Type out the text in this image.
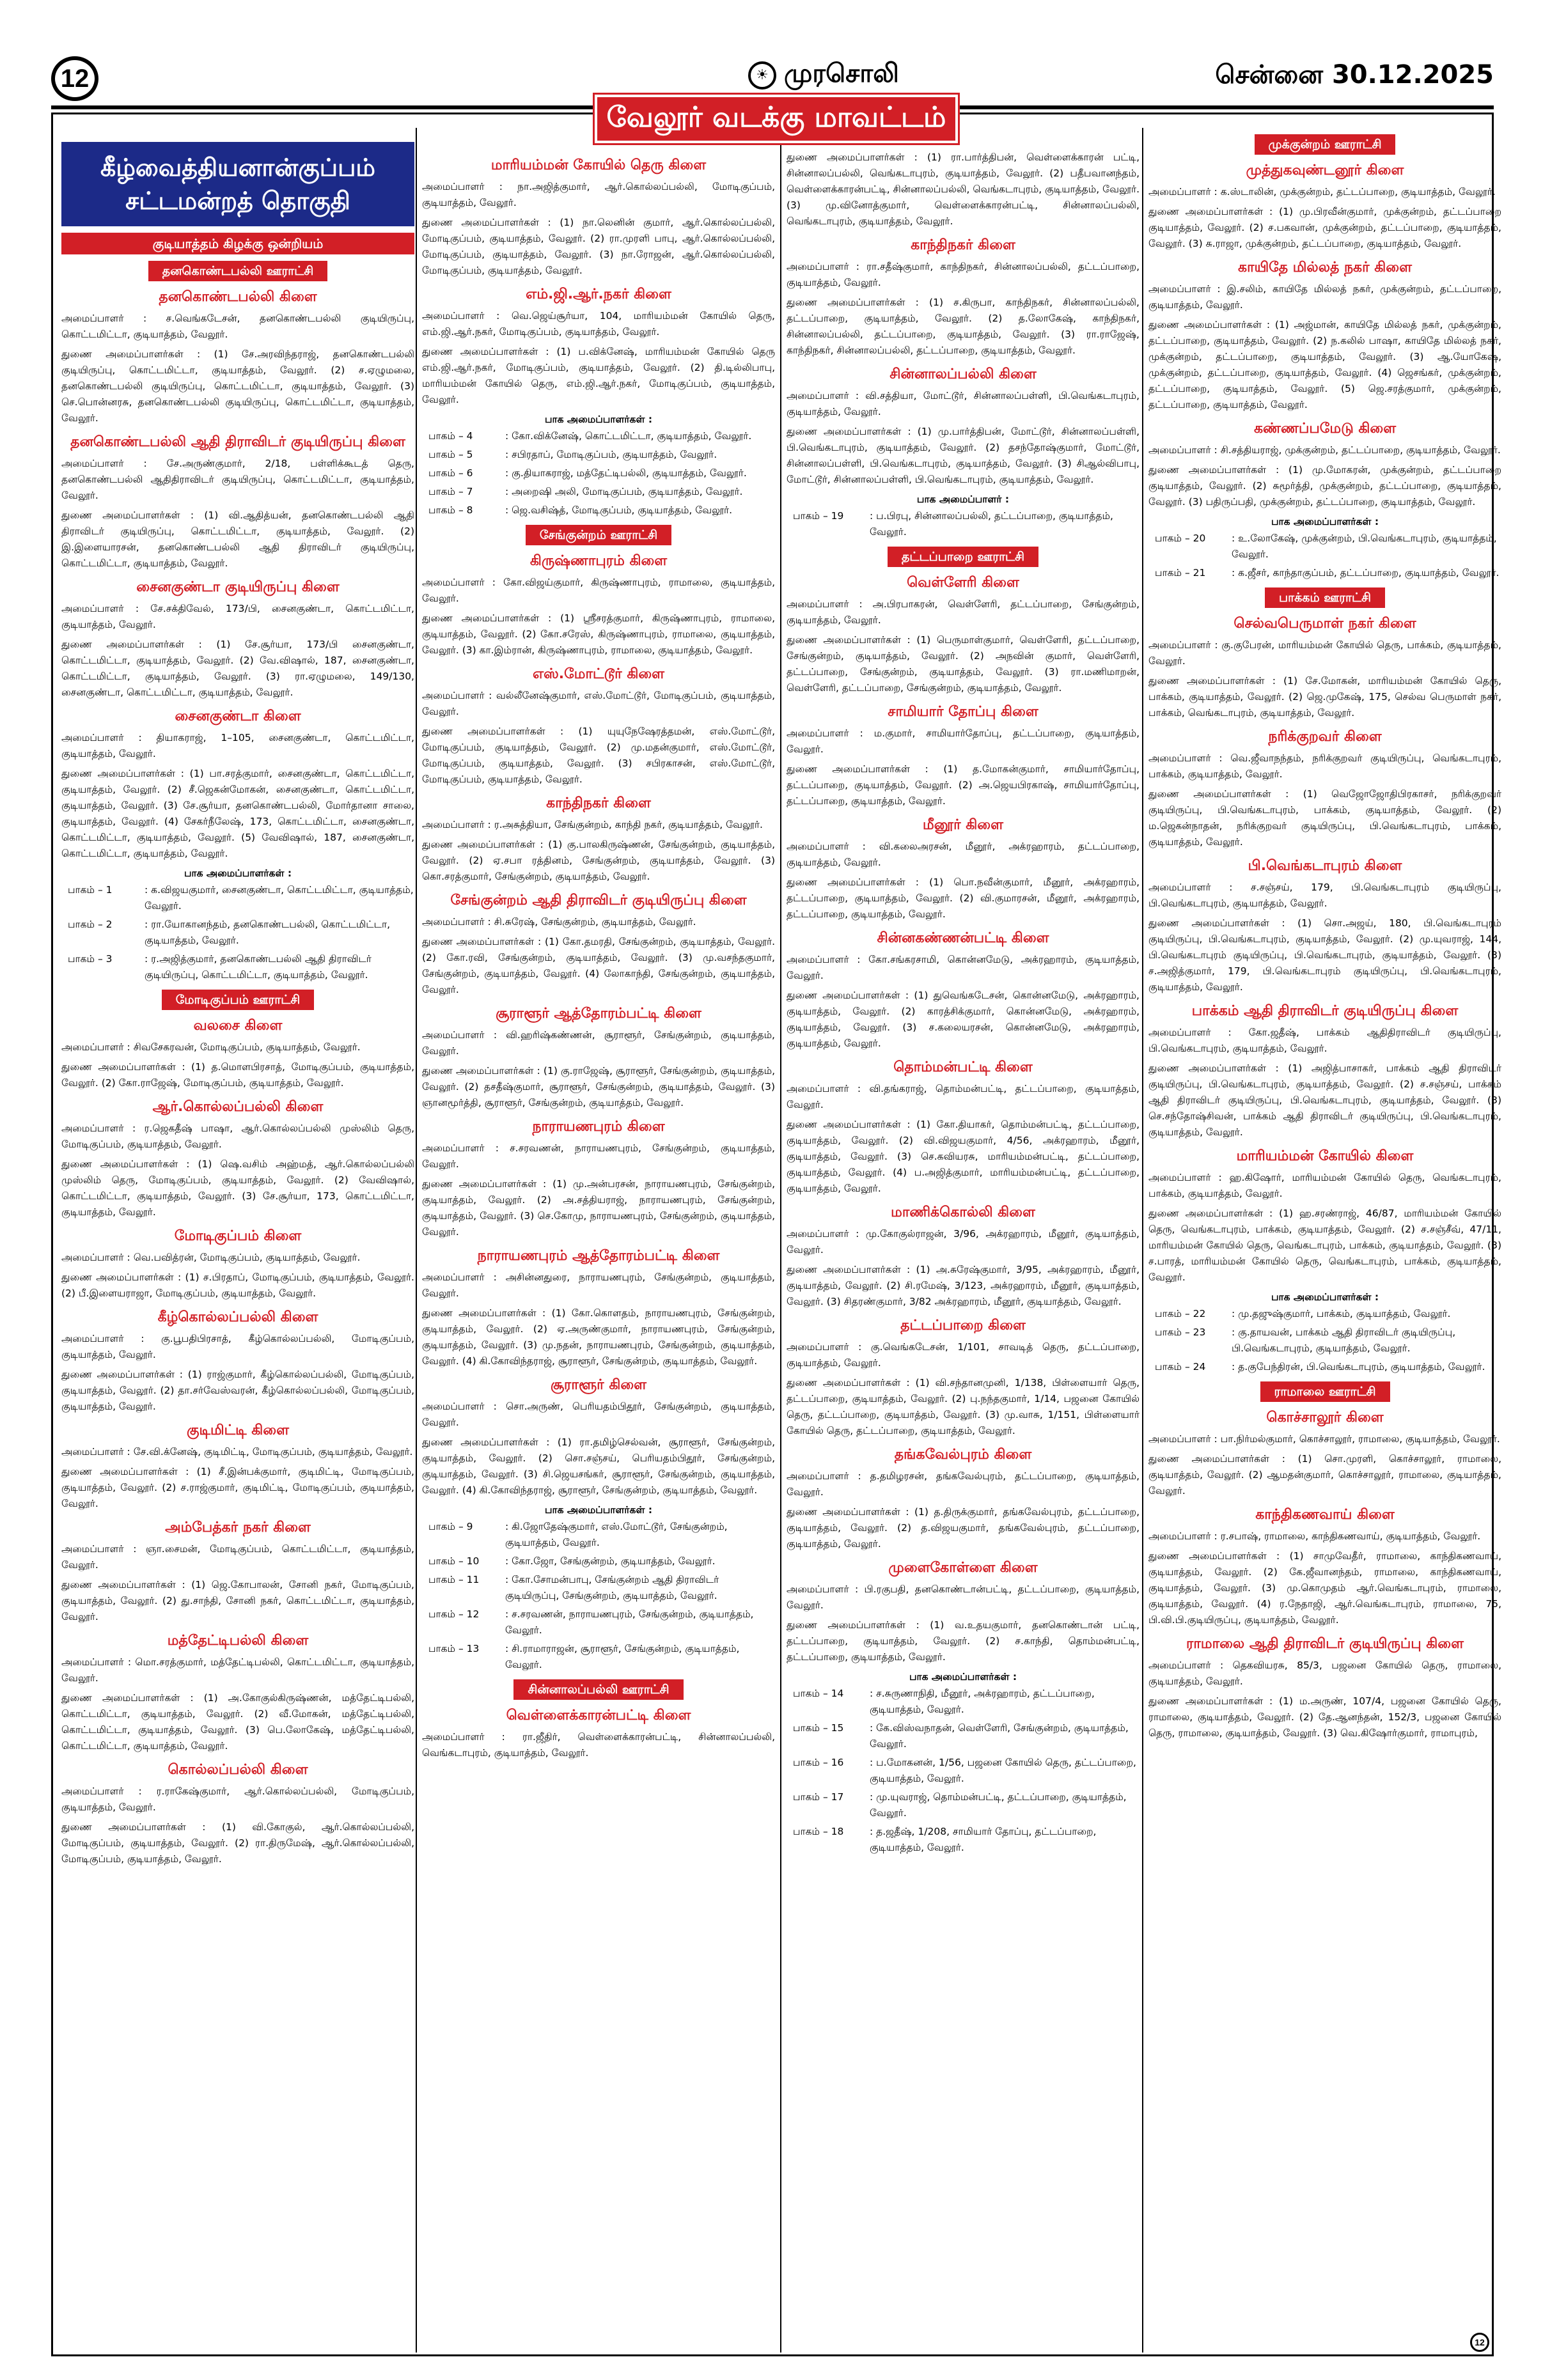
12	☀ முரசொலி	சென்னை 30.12.2025
வேலூர் வடக்கு மாவட்டம்
கீழ்வைத்தியனான்குப்பம் சட்டமன்றத் தொகுதி
குடியாத்தம் கிழக்கு ஒன்றியம்
தனகொண்டபல்லி ஊராட்சி
தனகொண்டபல்லி கிளை
அமைப்பாளர் : ச.வெங்கடேசன், தனகொண்டபல்லி குடியிருப்பு, கொட்டமிட்டா, குடியாத்தம், வேலூர்.
துணை அமைப்பாளர்கள் : (1) சே.அரவிந்தராஜ், தனகொண்டபல்லி குடியிருப்பு, கொட்டமிட்டா, குடியாத்தம், வேலூர். (2) ச.ஏழுமலை, தனகொண்டபல்லி குடியிருப்பு, கொட்டமிட்டா, குடியாத்தம், வேலூர். (3) செ.பொன்னரசு, தனகொண்டபல்லி குடியிருப்பு, கொட்டமிட்டா, குடியாத்தம், வேலூர்.
தனகொண்டபல்லி ஆதி திராவிடர் குடியிருப்பு கிளை
அமைப்பாளர் : சே.அருண்குமார், 2/18, பள்ளிக்கூடத் தெரு, தனகொண்டபல்லி ஆதிதிராவிடர் குடியிருப்பு, கொட்டமிட்டா, குடியாத்தம், வேலூர்.
துணை அமைப்பாளர்கள் : (1) வி.ஆதித்யன், தனகொண்டபல்லி ஆதி திராவிடர் குடியிருப்பு, கொட்டமிட்டா, குடியாத்தம், வேலூர். (2) இ.இளையாரசன், தனகொண்டபல்லி ஆதி திராவிடர் குடியிருப்பு, கொட்டமிட்டா, குடியாத்தம், வேலூர்.
சைனகுண்டா குடியிருப்பு கிளை
அமைப்பாளர் : சே.சக்திவேல், 173/பி, சைனகுண்டா, கொட்டமிட்டா, குடியாத்தம், வேலூர்.
துணை அமைப்பாளர்கள் : (1) சே.சூர்யா, 173/பி சைனகுண்டா, கொட்டமிட்டா, குடியாத்தம், வேலூர். (2) வே.விஷால், 187, சைனகுண்டா, கொட்டமிட்டா, குடியாத்தம், வேலூர். (3) ரா.ஏழுமலை, 149/130, சைனகுண்டா, கொட்டமிட்டா, குடியாத்தம், வேலூர்.
சைனகுண்டா கிளை
அமைப்பாளர் : தியாகராஜ், 1–105, சைனகுண்டா, கொட்டமிட்டா, குடியாத்தம், வேலூர்.
துணை அமைப்பாளர்கள் : (1) பா.சரத்குமார், சைனகுண்டா, கொட்டமிட்டா, குடியாத்தம், வேலூர். (2) சீ.ஜெகன்மோகன், சைனகுண்டா, கொட்டமிட்டா, குடியாத்தம், வேலூர். (3) சே.சூர்யா, தனகொண்டபல்லி, மோர்தானா சாலை, குடியாத்தம், வேலூர். (4) சேகர்நீலேஷ், 173, கொட்டமிட்டா, சைனகுண்டா, கொட்டமிட்டா, குடியாத்தம், வேலூர். (5) வேவிஷால், 187, சைனகுண்டா, கொட்டமிட்டா, குடியாத்தம், வேலூர்.
பாக அமைப்பாளர்கள் :
பாகம் – 1	: க.விஜயகுமார், சைனகுண்டா, கொட்டமிட்டா, குடியாத்தம், வேலூர்.
பாகம் – 2	: ரா.யோகானந்தம், தனகொண்டபல்லி, கொட்டமிட்டா, குடியாத்தம், வேலூர்.
பாகம் – 3	: ர.அஜித்குமார், தனகொண்டபல்லி ஆதி திராவிடர் குடியிருப்பு, கொட்டமிட்டா, குடியாத்தம், வேலூர்.
மோடிகுப்பம் ஊராட்சி
வலசை கிளை
அமைப்பாளர் : சிவசேகரவன், மோடிகுப்பம், குடியாத்தம், வேலூர்.
துணை அமைப்பாளர்கள் : (1) த.மொளபிரசாத், மோடிகுப்பம், குடியாத்தம், வேலூர். (2) கோ.ராஜேஷ், மோடிகுப்பம், குடியாத்தம், வேலூர்.
ஆர்.கொல்லப்பல்லி கிளை
அமைப்பாளர் : ர.ஜெகதீஷ் பாஷா, ஆர்.கொல்லப்பல்லி முஸ்லிம் தெரு, மோடிகுப்பம், குடியாத்தம், வேலூர்.
துணை அமைப்பாளர்கள் : (1) ஷெ.வசிம் அஹ்மத், ஆர்.கொல்லப்பல்லி முஸ்லிம் தெரு, மோடிகுப்பம், குடியாத்தம், வேலூர். (2) வேவிஷால், கொட்டமிட்டா, குடியாத்தம், வேலூர். (3) சே.சூர்யா, 173, கொட்டமிட்டா, குடியாத்தம், வேலூர்.
மோடிகுப்பம் கிளை
அமைப்பாளர் : வெ.பவித்ரன், மோடிகுப்பம், குடியாத்தம், வேலூர்.
துணை அமைப்பாளர்கள் : (1) ச.பிரதாப், மோடிகுப்பம், குடியாத்தம், வேலூர். (2) பீ.இளையராஜா, மோடிகுப்பம், குடியாத்தம், வேலூர்.
கீழ்கொல்லப்பல்லி கிளை
அமைப்பாளர் : கு.பூபதிபிரசாத், கீழ்கொல்லப்பல்லி, மோடிகுப்பம், குடியாத்தம், வேலூர்.
துணை அமைப்பாளர்கள் : (1) ராஜ்குமார், கீழ்கொல்லப்பல்லி, மோடிகுப்பம், குடியாத்தம், வேலூர். (2) தா.சர்வேஸ்வரன், கீழ்கொல்லப்பல்லி, மோடிகுப்பம், குடியாத்தம், வேலூர்.
குடிமிட்டி கிளை
அமைப்பாளர் : சே.வி.க்னேஷ், குடிமிட்டி, மோடிகுப்பம், குடியாத்தம், வேலூர்.
துணை அமைப்பாளர்கள் : (1) சீ.இன்பக்குமார், குடிமிட்டி, மோடிகுப்பம், குடியாத்தம், வேலூர். (2) ச.ராஜ்குமார், குடிமிட்டி, மோடிகுப்பம், குடியாத்தம், வேலூர்.
அம்பேத்கர் நகர் கிளை
அமைப்பாளர் : ஞா.சைமன், மோடிகுப்பம், கொட்டமிட்டா, குடியாத்தம், வேலூர்.
துணை அமைப்பாளர்கள் : (1) ஜெ.கோபாலன், சோனி நகர், மோடிகுப்பம், குடியாத்தம், வேலூர். (2) து.சாந்தி, சோனி நகர், கொட்டமிட்டா, குடியாத்தம், வேலூர்.
மத்தேட்டிபல்லி கிளை
அமைப்பாளர் : மொ.சரத்குமார், மத்தேட்டிபல்லி, கொட்டமிட்டா, குடியாத்தம், வேலூர்.
துணை அமைப்பாளர்கள் : (1) அ.கோகுல்கிருஷ்ணன், மத்தேட்டிபல்லி, கொட்டமிட்டா, குடியாத்தம், வேலூர். (2) வீ.மோகன், மத்தேட்டிபல்லி, கொட்டமிட்டா, குடியாத்தம், வேலூர். (3) பெ.லோகேஷ், மத்தேட்டிபல்லி, கொட்டமிட்டா, குடியாத்தம், வேலூர்.
கொல்லப்பல்லி கிளை
அமைப்பாளர் : ர.ராகேஷ்குமார், ஆர்.கொல்லப்பல்லி, மோடிகுப்பம், குடியாத்தம், வேலூர்.
துணை அமைப்பாளர்கள் : (1) வி.கோகுல், ஆர்.கொல்லப்பல்லி, மோடிகுப்பம், குடியாத்தம், வேலூர். (2) ரா.திருமேஷ், ஆர்.கொல்லப்பல்லி, மோடிகுப்பம், குடியாத்தம், வேலூர்.
மாரியம்மன் கோயில் தெரு கிளை
அமைப்பாளர் : நா.அஜித்குமார், ஆர்.கொல்லப்பல்லி, மோடிகுப்பம், குடியாத்தம், வேலூர்.
துணை அமைப்பாளர்கள் : (1) நா.லெனின் குமார், ஆர்.கொல்லப்பல்லி, மோடிகுப்பம், குடியாத்தம், வேலூர். (2) ரா.முரளி பாபு, ஆர்.கொல்லப்பல்லி, மோடிகுப்பம், குடியாத்தம், வேலூர். (3) நா.ரோஜன், ஆர்.கொல்லப்பல்லி, மோடிகுப்பம், குடியாத்தம், வேலூர்.
எம்.ஜி.ஆர்.நகர் கிளை
அமைப்பாளர் : வெ.ஜெய்சூர்யா, 104, மாரியம்மன் கோயில் தெரு, எம்.ஜி.ஆர்.நகர், மோடிகுப்பம், குடியாத்தம், வேலூர்.
துணை அமைப்பாளர்கள் : (1) ப.விக்னேஷ், மாரியம்மன் கோயில் தெரு எம்.ஜி.ஆர்.நகர், மோடிகுப்பம், குடியாத்தம், வேலூர். (2) தி.டில்லிபாபு, மாரியம்மன் கோயில் தெரு, எம்.ஜி.ஆர்.நகர், மோடிகுப்பம், குடியாத்தம், வேலூர்.
பாக அமைப்பாளர்கள் :
பாகம் – 4	: கோ.விக்னேஷ், கொட்டமிட்டா, குடியாத்தம், வேலூர்.
பாகம் – 5	: சபிரதாப், மோடிகுப்பம், குடியாத்தம், வேலூர்.
பாகம் – 6	: கு.தியாகராஜ், மத்தேட்டிபல்லி, குடியாத்தம், வேலூர்.
பாகம் – 7	: அறைஷி அலி, மோடிகுப்பம், குடியாத்தம், வேலூர்.
பாகம் – 8	: ஜெ.வசிஷ்த், மோடிகுப்பம், குடியாத்தம், வேலூர்.
சேங்குன்றம் ஊராட்சி
கிருஷ்ணாபுரம் கிளை
அமைப்பாளர் : கோ.விஜய்குமார், கிருஷ்ணாபுரம், ராமாலை, குடியாத்தம், வேலூர்.
துணை அமைப்பாளர்கள் : (1) ஸ்ரீசரத்குமார், கிருஷ்ணாபுரம், ராமாலை, குடியாத்தம், வேலூர். (2) கோ.சரேஸ், கிருஷ்ணாபுரம், ராமாலை, குடியாத்தம், வேலூர். (3) கா.இம்ரான், கிருஷ்ணாபுரம், ராமாலை, குடியாத்தம், வேலூர்.
எஸ்.மோட்டூர் கிளை
அமைப்பாளர் : வல்லீனேஷ்குமார், எஸ்.மோட்டூர், மோடிகுப்பம், குடியாத்தம், வேலூர்.
துணை அமைப்பாளர்கள் : (1) யுயுநேஷேரத்தமன், எஸ்.மோட்டூர், மோடிகுப்பம், குடியாத்தம், வேலூர். (2) மு.மதன்குமார், எஸ்.மோட்டூர், மோடிகுப்பம், குடியாத்தம், வேலூர். (3) சபிரகாசன், எஸ்.மோட்டூர், மோடிகுப்பம், குடியாத்தம், வேலூர்.
காந்திநகர் கிளை
அமைப்பாளர் : ர.அசுத்தியா, சேங்குன்றம், காந்தி நகர், குடியாத்தம், வேலூர்.
துணை அமைப்பாளர்கள் : (1) கு.பாலகிருஷ்ணன், சேங்குன்றம், குடியாத்தம், வேலூர். (2) ஏ.சபா ரத்தினம், சேங்குன்றம், குடியாத்தம், வேலூர். (3) கொ.சரத்குமார், சேங்குன்றம், குடியாத்தம், வேலூர்.
சேங்குன்றம் ஆதி திராவிடர் குடியிருப்பு கிளை
அமைப்பாளர் : சி.சுரேஷ், சேங்குன்றம், குடியாத்தம், வேலூர்.
துணை அமைப்பாளர்கள் : (1) கோ.தமரதி, சேங்குன்றம், குடியாத்தம், வேலூர். (2) கோ.ரவி, சேங்குன்றம், குடியாத்தம், வேலூர். (3) மு.வசந்தகுமார், சேங்குன்றம், குடியாத்தம், வேலூர். (4) லோகாந்தி, சேங்குன்றம், குடியாத்தம், வேலூர்.
சூராளூர் ஆத்தோரம்பட்டி கிளை
அமைப்பாளர் : வி.ஹரிஷ்கண்ணன், சூராளூர், சேங்குன்றம், குடியாத்தம், வேலூர்.
துணை அமைப்பாளர்கள் : (1) கு.ராஜேஷ், சூராளூர், சேங்குன்றம், குடியாத்தம், வேலூர். (2) தசதீஷ்குமார், சூராளூர், சேங்குன்றம், குடியாத்தம், வேலூர். (3) ஞானமூர்த்தி, சூராளூர், சேங்குன்றம், குடியாத்தம், வேலூர்.
நாராயணபுரம் கிளை
அமைப்பாளர் : ச.சரவணன், நாராயணபுரம், சேங்குன்றம், குடியாத்தம், வேலூர்.
துணை அமைப்பாளர்கள் : (1) மு.அன்பரசன், நாராயணபுரம், சேங்குன்றம், குடியாத்தம், வேலூர். (2) அ.சத்தியராஜ், நாராயணபுரம், சேங்குன்றம், குடியாத்தம், வேலூர். (3) செ.கோமு, நாராயணபுரம், சேங்குன்றம், குடியாத்தம், வேலூர்.
நாராயணபுரம் ஆத்தோரம்பட்டி கிளை
அமைப்பாளர் : அசின்னதுரை, நாராயணபுரம், சேங்குன்றம், குடியாத்தம், வேலூர்.
துணை அமைப்பாளர்கள் : (1) கோ.கொளதம், நாராயணபுரம், சேங்குன்றம், குடியாத்தம், வேலூர். (2) ஏ.அருண்குமார், நாராயணபுரம், சேங்குன்றம், குடியாத்தம், வேலூர். (3) மு.நதன், நாராயணபுரம், சேங்குன்றம், குடியாத்தம், வேலூர். (4) கி.கோவிந்தராஜ், சூராளூர், சேங்குன்றம், குடியாத்தம், வேலூர்.
சூராளூர் கிளை
அமைப்பாளர் : சொ.அருண், பெரியதம்பிதூர், சேங்குன்றம், குடியாத்தம், வேலூர்.
துணை அமைப்பாளர்கள் : (1) ரா.தமிழ்செல்வன், சூராளூர், சேங்குன்றம், குடியாத்தம், வேலூர். (2) சொ.சஞ்சய், பெரியதம்பிதூர், சேங்குன்றம், குடியாத்தம், வேலூர். (3) சி.ஜெயசங்கர், சூராளூர், சேங்குன்றம், குடியாத்தம், வேலூர். (4) கி.கோவிந்தராஜ், சூராளூர், சேங்குன்றம், குடியாத்தம், வேலூர்.
பாக அமைப்பாளர்கள் :
பாகம் – 9	: கி.ஜோதேஷ்குமார், எஸ்.மோட்டூர், சேங்குன்றம், குடியாத்தம், வேலூர்.
பாகம் – 10	: கோ.ஜோ, சேங்குன்றம், குடியாத்தம், வேலூர்.
பாகம் – 11	: கோ.சோமன்பாபு, சேங்குன்றம் ஆதி திராவிடர் குடியிருப்பு, சேங்குன்றம், குடியாத்தம், வேலூர்.
பாகம் – 12	: ச.சரவணன், நாராயணபுரம், சேங்குன்றம், குடியாத்தம், வேலூர்.
பாகம் – 13	: சி.ராமாராஜன், சூராளூர், சேங்குன்றம், குடியாத்தம், வேலூர்.
சின்னாலப்பல்லி ஊராட்சி
வெள்ளைக்காரன்பட்டி கிளை
அமைப்பாளர் : ரா.ஜீதிர், வெள்ளைக்காரன்பட்டி, சின்னாலப்பல்லி, வெங்கடாபுரம், குடியாத்தம், வேலூர்.
துணை அமைப்பாளர்கள் : (1) ரா.பார்த்திபன், வெள்ளைக்காரன் பட்டி, சின்னாலப்பல்லி, வெங்கடாபுரம், குடியாத்தம், வேலூர். (2) பதீபவானந்தம், வெள்ளைக்காரன்பட்டி, சின்னாலப்பல்லி, வெங்கடாபுரம், குடியாத்தம், வேலூர். (3) மு.வினோத்குமார், வெள்ளைக்காரன்பட்டி, சின்னாலப்பல்லி, வெங்கடாபுரம், குடியாத்தம், வேலூர்.
காந்திநகர் கிளை
அமைப்பாளர் : ரா.சதீஷ்குமார், காந்திநகர், சின்னாலப்பல்லி, தட்டப்பாறை, குடியாத்தம், வேலூர்.
துணை அமைப்பாளர்கள் : (1) ச.கிருபா, காந்திநகர், சின்னாலப்பல்லி, தட்டப்பாறை, குடியாத்தம், வேலூர். (2) த.லோகேஷ், காந்திநகர், சின்னாலப்பல்லி, தட்டப்பாறை, குடியாத்தம், வேலூர். (3) ரா.ராஜேஷ், காந்திநகர், சின்னாலப்பல்லி, தட்டப்பாறை, குடியாத்தம், வேலூர்.
சின்னாலப்பல்லி கிளை
அமைப்பாளர் : வி.சத்தியா, மோட்டூர், சின்னாலப்பள்ளி, பி.வெங்கடாபுரம், குடியாத்தம், வேலூர்.
துணை அமைப்பாளர்கள் : (1) மு.பார்த்திபன், மோட்டூர், சின்னாலப்பள்ளி, பி.வெங்கடாபுரம், குடியாத்தம், வேலூர். (2) தசந்தோஷ்குமார், மோட்டூர், சின்னாலப்பள்ளி, பி.வெங்கடாபுரம், குடியாத்தம், வேலூர். (3) சிஆல்விபாபு, மோட்டூர், சின்னாலப்பள்ளி, பி.வெங்கடாபுரம், குடியாத்தம், வேலூர்.
பாக அமைப்பாளர் :
பாகம் – 19	: ப.பிரபு, சின்னாலப்பல்லி, தட்டப்பாறை, குடியாத்தம், வேலூர்.
தட்டப்பாறை ஊராட்சி
வெள்ளேரி கிளை
அமைப்பாளர் : அ.பிரபாகரன், வெள்ளேரி, தட்டப்பாறை, சேங்குன்றம், குடியாத்தம், வேலூர்.
துணை அமைப்பாளர்கள் : (1) பெருமாள்குமார், வெள்ளேரி, தட்டப்பாறை, சேங்குன்றம், குடியாத்தம், வேலூர். (2) அநவின் குமார், வெள்ளேரி, தட்டப்பாறை, சேங்குன்றம், குடியாத்தம், வேலூர். (3) ரா.மணிமாறன், வெள்ளேரி, தட்டப்பாறை, சேங்குன்றம், குடியாத்தம், வேலூர்.
சாமியார் தோப்பு கிளை
அமைப்பாளர் : ம.குமார், சாமியார்தோப்பு, தட்டப்பாறை, குடியாத்தம், வேலூர்.
துணை அமைப்பாளர்கள் : (1) த.மோகன்குமார், சாமியார்தோப்பு, தட்டப்பாறை, குடியாத்தம், வேலூர். (2) அ.ஜெயபிரகாஷ், சாமியார்தோப்பு, தட்டப்பாறை, குடியாத்தம், வேலூர்.
மீனூர் கிளை
அமைப்பாளர் : வி.கலைஅரசன், மீனூர், அக்ரஹாரம், தட்டப்பாறை, குடியாத்தம், வேலூர்.
துணை அமைப்பாளர்கள் : (1) பொ.நவீன்குமார், மீனூர், அக்ரஹாரம், தட்டப்பாறை, குடியாத்தம், வேலூர். (2) வி.குமாரசன், மீனூர், அக்ரஹாரம், தட்டப்பாறை, குடியாத்தம், வேலூர்.
சின்னகண்ணன்பட்டி கிளை
அமைப்பாளர் : கோ.சங்கரசாமி, கொன்னமேடு, அக்ரஹாரம், குடியாத்தம், வேலூர்.
துணை அமைப்பாளர்கள் : (1) துவெங்கடேசன், கொன்னமேடு, அக்ரஹாரம், குடியாத்தம், வேலூர். (2) காரத்சிக்குமார், கொன்னமேடு, அக்ரஹாரம், குடியாத்தம், வேலூர். (3) ச.கலையரசன், கொன்னமேடு, அக்ரஹாரம், குடியாத்தம், வேலூர்.
தொம்மன்பட்டி கிளை
அமைப்பாளர் : வி.தங்கராஜ், தொம்மன்பட்டி, தட்டப்பாறை, குடியாத்தம், வேலூர்.
துணை அமைப்பாளர்கள் : (1) கோ.தியாகர், தொம்மன்பட்டி, தட்டப்பாறை, குடியாத்தம், வேலூர். (2) வி.விஜயகுமார், 4/56, அக்ரஹாரம், மீனூர், குடியாத்தம், வேலூர். (3) செ.கவியரசு, மாரியம்மன்பட்டி, தட்டப்பாறை, குடியாத்தம், வேலூர். (4) ப.அஜித்குமார், மாரியம்மன்பட்டி, தட்டப்பாறை, குடியாத்தம், வேலூர்.
மாணிக்கொல்லி கிளை
அமைப்பாளர் : மு.கோகுல்ராஜன், 3/96, அக்ரஹாரம், மீனூர், குடியாத்தம், வேலூர்.
துணை அமைப்பாளர்கள் : (1) அ.சுரேஷ்குமார், 3/95, அக்ரஹாரம், மீனூர், குடியாத்தம், வேலூர். (2) சி.ரமேஷ், 3/123, அக்ரஹாரம், மீனூர், குடியாத்தம், வேலூர். (3) சிதரண்குமார், 3/82 அக்ரஹாரம், மீனூர், குடியாத்தம், வேலூர்.
தட்டப்பாறை கிளை
அமைப்பாளர் : கு.வெங்கடேசன், 1/101, சாவடித் தெரு, தட்டப்பாறை, குடியாத்தம், வேலூர்.
துணை அமைப்பாளர்கள் : (1) வி.சந்தானமுனி, 1/138, பிள்ளையார் தெரு, தட்டப்பாறை, குடியாத்தம், வேலூர். (2) பு.நந்தகுமார், 1/14, பஜனை கோயில் தெரு, தட்டப்பாறை, குடியாத்தம், வேலூர். (3) மு.வாசு, 1/151, பிள்ளையார் கோயில் தெரு, தட்டப்பாறை, குடியாத்தம், வேலூர்.
தங்கவேல்புரம் கிளை
அமைப்பாளர் : த.தமிழரசன், தங்கவேல்புரம், தட்டப்பாறை, குடியாத்தம், வேலூர்.
துணை அமைப்பாளர்கள் : (1) த.திருக்குமார், தங்கவேல்புரம், தட்டப்பாறை, குடியாத்தம், வேலூர். (2) த.விஜயகுமார், தங்கவேல்புரம், தட்டப்பாறை, குடியாத்தம், வேலூர்.
முளைகோள்ளை கிளை
அமைப்பாளர் : பி.ரகுபதி, தனகொண்டான்பட்டி, தட்டப்பாறை, குடியாத்தம், வேலூர்.
துணை அமைப்பாளர்கள் : (1) வ.உதயகுமார், தனகொண்டான் பட்டி, தட்டப்பாறை, குடியாத்தம், வேலூர். (2) ச.காந்தி, தொம்மன்பட்டி, தட்டப்பாறை, குடியாத்தம், வேலூர்.
பாக அமைப்பாளர்கள் :
பாகம் – 14	: ச.சுருணாநிதி, மீனூர், அக்ரஹாரம், தட்டப்பாறை, குடியாத்தம், வேலூர்.
பாகம் – 15	: கே.விஸ்வநாதன், வெள்ளேரி, சேங்குன்றம், குடியாத்தம், வேலூர்.
பாகம் – 16	: ப.மோகனன், 1/56, பஜனை கோயில் தெரு, தட்டப்பாறை, குடியாத்தம், வேலூர்.
பாகம் – 17	: மு.யுவராஜ், தொம்மன்பட்டி, தட்டப்பாறை, குடியாத்தம், வேலூர்.
பாகம் – 18	: த.ஜதீஷ், 1/208, சாமியார் தோப்பு, தட்டப்பாறை, குடியாத்தம், வேலூர்.
முக்குன்றம் ஊராட்சி
முத்துகவுண்டனூர் கிளை
அமைப்பாளர் : க.ஸ்டாலின், முக்குன்றம், தட்டப்பாறை, குடியாத்தம், வேலூர்.
துணை அமைப்பாளர்கள் : (1) மு.பிரவீன்குமார், முக்குன்றம், தட்டப்பாறை குடியாத்தம், வேலூர். (2) ச.பகவான், முக்குன்றம், தட்டப்பாறை, குடியாத்தம், வேலூர். (3) சு.ராஜா, முக்குன்றம், தட்டப்பாறை, குடியாத்தம், வேலூர்.
காயிதே மில்லத் நகர் கிளை
அமைப்பாளர் : இ.சலிம், காயிதே மில்லத் நகர், முக்குன்றம், தட்டப்பாறை, குடியாத்தம், வேலூர்.
துணை அமைப்பாளர்கள் : (1) அஜ்மான், காயிதே மில்லத் நகர், முக்குன்றம், தட்டப்பாறை, குடியாத்தம், வேலூர். (2) ந.கலில் பாஷா, காயிதே மில்லத் நகர், முக்குன்றம், தட்டப்பாறை, குடியாத்தம், வேலூர். (3) ஆ.யோகேஷ், முக்குன்றம், தட்டப்பாறை, குடியாத்தம், வேலூர். (4) ஜெசங்கர், முக்குன்றம், தட்டப்பாறை, குடியாத்தம், வேலூர். (5) ஜெ.சரத்குமார், முக்குன்றம், தட்டப்பாறை, குடியாத்தம், வேலூர்.
கண்ணப்பமேடு கிளை
அமைப்பாளர் : சி.சத்தியராஜ், முக்குன்றம், தட்டப்பாறை, குடியாத்தம், வேலூர்.
துணை அமைப்பாளர்கள் : (1) மு.மோகரன், முக்குன்றம், தட்டப்பாறை குடியாத்தம், வேலூர். (2) சுமூர்த்தி, முக்குன்றம், தட்டப்பாறை, குடியாத்தம், வேலூர். (3) பதிருப்பதி, முக்குன்றம், தட்டப்பாறை, குடியாத்தம், வேலூர்.
பாக அமைப்பாளர்கள் :
பாகம் – 20	: உ.லோகேஷ், முக்குன்றம், பி.வெங்கடாபுரம், குடியாத்தம், வேலூர்.
பாகம் – 21	: க.ஜீசர், காந்தாகுப்பம், தட்டப்பாறை, குடியாத்தம், வேலூர்.
பாக்கம் ஊராட்சி
செல்வபெருமாள் நகர் கிளை
அமைப்பாளர் : கு.குபேரன், மாரியம்மன் கோயில் தெரு, பாக்கம், குடியாத்தம், வேலூர்.
துணை அமைப்பாளர்கள் : (1) சே.மோகன், மாரியம்மன் கோயில் தெரு, பாக்கம், குடியாத்தம், வேலூர். (2) ஜெ.முகேஷ், 175, செல்வ பெருமாள் நகர், பாக்கம், வெங்கடாபுரம், குடியாத்தம், வேலூர்.
நரிக்குறவர் கிளை
அமைப்பாளர் : வெ.ஜீவாநந்தம், நரிக்குறவர் குடியிருப்பு, வெங்கடாபுரம், பாக்கம், குடியாத்தம், வேலூர்.
துணை அமைப்பாளர்கள் : (1) வெஜோஜோதிபிரகாசர், நரிக்குறவர் குடியிருப்பு, பி.வெங்கடாபுரம், பாக்கம், குடியாத்தம், வேலூர். (2) ம.ஜெகன்நாதன், நரிக்குறவர் குடியிருப்பு, பி.வெங்கடாபுரம், பாக்கம், குடியாத்தம், வேலூர்.
பி.வெங்கடாபுரம் கிளை
அமைப்பாளர் : ச.சஞ்சய், 179, பி.வெங்கடாபுரம் குடியிருப்பு, பி.வெங்கடாபுரம், குடியாத்தம், வேலூர்.
துணை அமைப்பாளர்கள் : (1) சொ.அஜய், 180, பி.வெங்கடாபுரம் குடியிருப்பு, பி.வெங்கடாபுரம், குடியாத்தம், வேலூர். (2) மு.யுவராஜ், 144, பி.வெங்கடாபுரம் குடியிருப்பு, பி.வெங்கடாபுரம், குடியாத்தம், வேலூர். (3) ச.அஜித்குமார், 179, பி.வெங்கடாபுரம் குடியிருப்பு, பி.வெங்கடாபுரம், குடியாத்தம், வேலூர்.
பாக்கம் ஆதி திராவிடர் குடியிருப்பு கிளை
அமைப்பாளர் : கோ.ஜதீஷ், பாக்கம் ஆதிதிராவிடர் குடியிருப்பு, பி.வெங்கடாபுரம், குடியாத்தம், வேலூர்.
துணை அமைப்பாளர்கள் : (1) அஜித்பாசாகர், பாக்கம் ஆதி திராவிடர் குடியிருப்பு, பி.வெங்கடாபுரம், குடியாத்தம், வேலூர். (2) ச.சஞ்சய், பாக்கம் ஆதி திராவிடர் குடியிருப்பு, பி.வெங்கடாபுரம், குடியாத்தம், வேலூர். (3) செ.சந்தோஷ்சிவன், பாக்கம் ஆதி திராவிடர் குடியிருப்பு, பி.வெங்கடாபுரம், குடியாத்தம், வேலூர்.
மாரியம்மன் கோயில் கிளை
அமைப்பாளர் : ஹ.கிஷோர், மாரியம்மன் கோயில் தெரு, வெங்கடாபுரம், பாக்கம், குடியாத்தம், வேலூர்.
துணை அமைப்பாளர்கள் : (1) ஹ.சரண்ராஜ், 46/87, மாரியம்மன் கோயில் தெரு, வெங்கடாபுரம், பாக்கம், குடியாத்தம், வேலூர். (2) ச.சஞ்சீவ், 47/11, மாரியம்மன் கோயில் தெரு, வெங்கடாபுரம், பாக்கம், குடியாத்தம், வேலூர். (3) ச.பாரத், மாரியம்மன் கோயில் தெரு, வெங்கடாபுரம், பாக்கம், குடியாத்தம், வேலூர்.
பாக அமைப்பாளர்கள் :
பாகம் – 22	: மு.தஜுஷ்குமார், பாக்கம், குடியாத்தம், வேலூர்.
பாகம் – 23	: கு.தாயவன், பாக்கம் ஆதி திராவிடர் குடியிருப்பு, பி.வெங்கடாபுரம், குடியாத்தம், வேலூர்.
பாகம் – 24	: த.குபேந்திரன், பி.வெங்கடாபுரம், குடியாத்தம், வேலூர்.
ராமாலை ஊராட்சி
கொச்சாலூர் கிளை
அமைப்பாளர் : பா.நிர்மல்குமார், கொச்சாலூர், ராமாலை, குடியாத்தம், வேலூர்.
துணை அமைப்பாளர்கள் : (1) சொ.முரளி, கொச்சாலூர், ராமாலை, குடியாத்தம், வேலூர். (2) ஆமதன்குமார், கொச்சாலூர், ராமாலை, குடியாத்தம், வேலூர்.
காந்திகணவாய் கிளை
அமைப்பாளர் : ர.சபாஷ், ராமாலை, காந்திகணவாய், குடியாத்தம், வேலூர்.
துணை அமைப்பாளர்கள் : (1) சாமுவேதீர், ராமாலை, காந்திகணவாய், குடியாத்தம், வேலூர். (2) கே.ஜீவானந்தம், ராமாலை, காந்திகணவாய், குடியாத்தம், வேலூர். (3) மு.கொமுதம் ஆர்.வெங்கடாபுரம், ராமாலை, குடியாத்தம், வேலூர். (4) ர.நேதாஜி, ஆர்.வெங்கடாபுரம், ராமாலை, 75, பி.வி.பி.குடியிருப்பு, குடியாத்தம், வேலூர்.
ராமாலை ஆதி திராவிடர் குடியிருப்பு கிளை
அமைப்பாளர் : தெகவியரசு, 85/3, பஜனை கோயில் தெரு, ராமாலை, குடியாத்தம், வேலூர்.
துணை அமைப்பாளர்கள் : (1) ம.அருண், 107/4, பஜனை கோயில் தெரு, ராமாலை, குடியாத்தம், வேலூர். (2) தே.ஆனந்தன், 152/3, பஜனை கோயில் தெரு, ராமாலை, குடியாத்தம், வேலூர். (3) வெ.கிஷோர்குமார், ராமாபுரம்,
12
